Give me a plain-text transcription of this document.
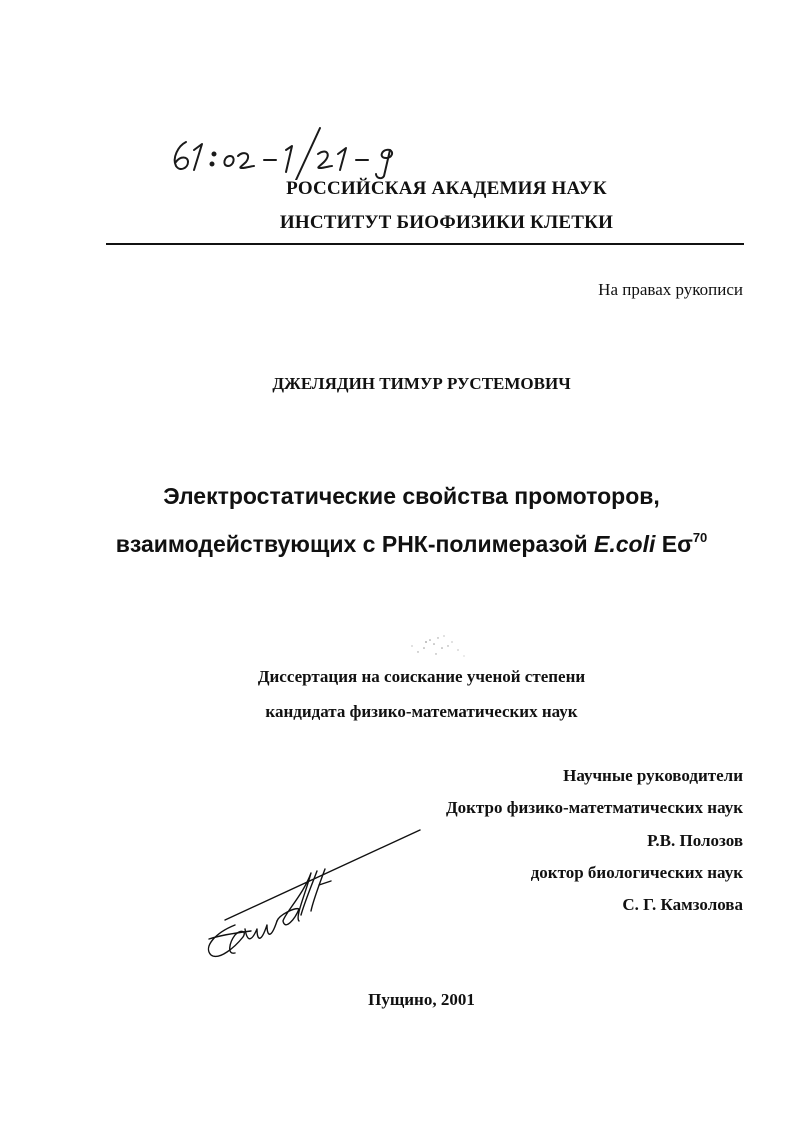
РОССИЙСКАЯ АКАДЕМИЯ НАУК
ИНСТИТУТ БИОФИЗИКИ КЛЕТКИ
На правах рукописи
ДЖЕЛЯДИН ТИМУР РУСТЕМОВИЧ
Электростатические свойства промоторов,
взаимодействующих с РНК-полимеразой E.coli $E\sigma^{70}$
Диссертация на соискание ученой степени
кандидата физико-математических наук
Научные руководители
Доктро физико-матетматических наук
Р.В. Полозов
доктор биологических наук
С. Г. Камзолова
Пущино, 2001
